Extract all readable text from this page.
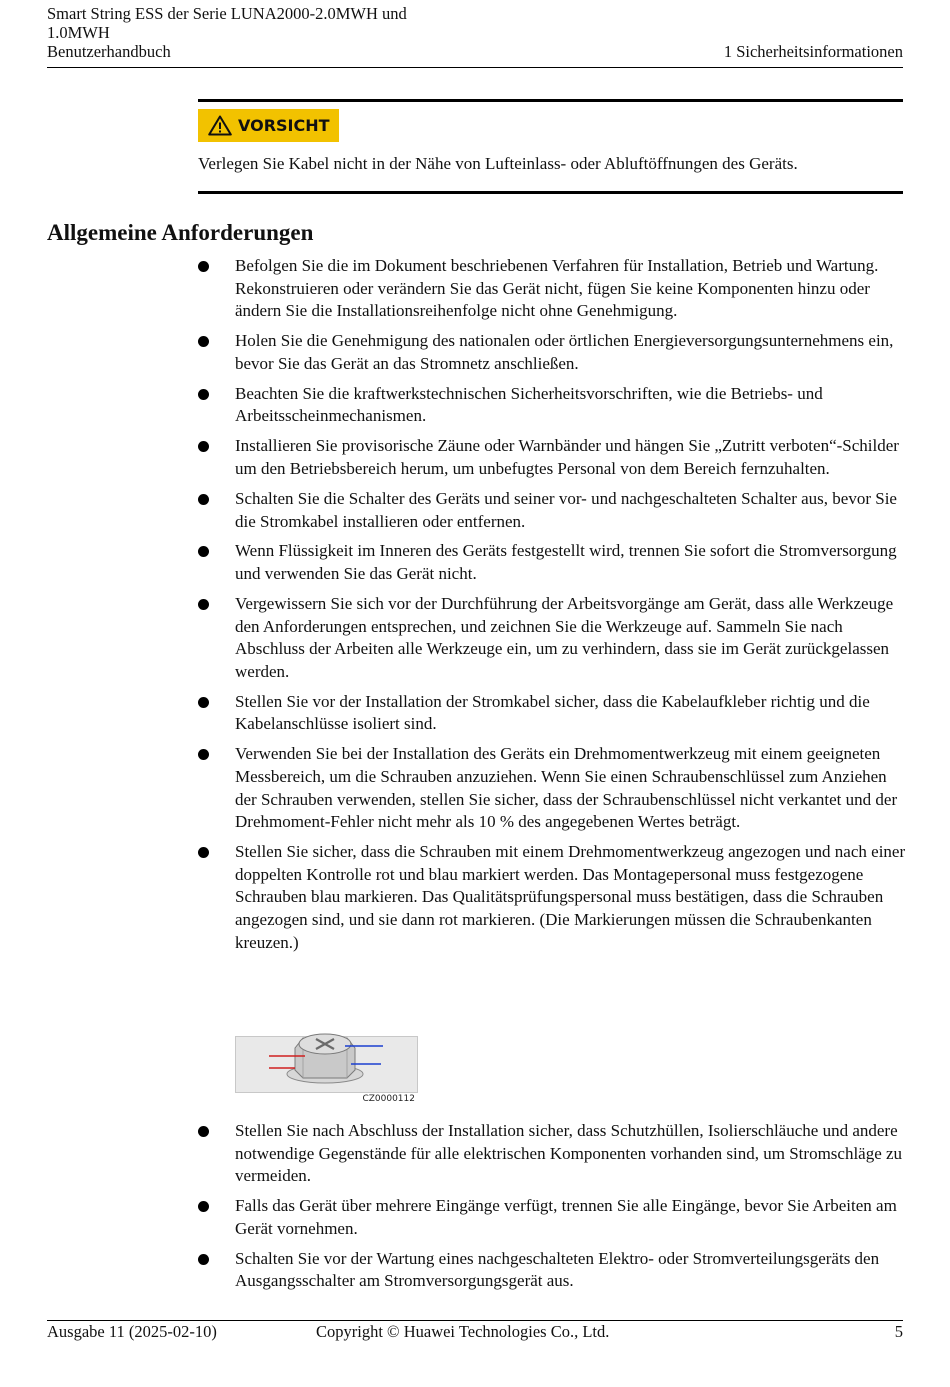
Smart String ESS der Serie LUNA2000-2.0MWH und 1.0MWH
Benutzerhandbuch	1 Sicherheitsinformationen
VORSICHT
Verlegen Sie Kabel nicht in der Nähe von Lufteinlass- oder Abluftöffnungen des Geräts.
Allgemeine Anforderungen
Befolgen Sie die im Dokument beschriebenen Verfahren für Installation, Betrieb und Wartung. Rekonstruieren oder verändern Sie das Gerät nicht, fügen Sie keine Komponenten hinzu oder ändern Sie die Installationsreihenfolge nicht ohne Genehmigung.
Holen Sie die Genehmigung des nationalen oder örtlichen Energieversorgungsunternehmens ein, bevor Sie das Gerät an das Stromnetz anschließen.
Beachten Sie die kraftwerkstechnischen Sicherheitsvorschriften, wie die Betriebs- und Arbeitsscheinmechanismen.
Installieren Sie provisorische Zäune oder Warnbänder und hängen Sie „Zutritt verboten“-Schilder um den Betriebsbereich herum, um unbefugtes Personal von dem Bereich fernzuhalten.
Schalten Sie die Schalter des Geräts und seiner vor- und nachgeschalteten Schalter aus, bevor Sie die Stromkabel installieren oder entfernen.
Wenn Flüssigkeit im Inneren des Geräts festgestellt wird, trennen Sie sofort die Stromversorgung und verwenden Sie das Gerät nicht.
Vergewissern Sie sich vor der Durchführung der Arbeitsvorgänge am Gerät, dass alle Werkzeuge den Anforderungen entsprechen, und zeichnen Sie die Werkzeuge auf. Sammeln Sie nach Abschluss der Arbeiten alle Werkzeuge ein, um zu verhindern, dass sie im Gerät zurückgelassen werden.
Stellen Sie vor der Installation der Stromkabel sicher, dass die Kabelaufkleber richtig und die Kabelanschlüsse isoliert sind.
Verwenden Sie bei der Installation des Geräts ein Drehmomentwerkzeug mit einem geeigneten Messbereich, um die Schrauben anzuziehen. Wenn Sie einen Schraubenschlüssel zum Anziehen der Schrauben verwenden, stellen Sie sicher, dass der Schraubenschlüssel nicht verkantet und der Drehmoment-Fehler nicht mehr als 10 % des angegebenen Wertes beträgt.
Stellen Sie sicher, dass die Schrauben mit einem Drehmomentwerkzeug angezogen und nach einer doppelten Kontrolle rot und blau markiert werden. Das Montagepersonal muss festgezogene Schrauben blau markieren. Das Qualitätsprüfungspersonal muss bestätigen, dass die Schrauben angezogen sind, und sie dann rot markieren. (Die Markierungen müssen die Schraubenkanten kreuzen.)
CZ0000112
Stellen Sie nach Abschluss der Installation sicher, dass Schutzhüllen, Isolierschläuche und andere notwendige Gegenstände für alle elektrischen Komponenten vorhanden sind, um Stromschläge zu vermeiden.
Falls das Gerät über mehrere Eingänge verfügt, trennen Sie alle Eingänge, bevor Sie Arbeiten am Gerät vornehmen.
Schalten Sie vor der Wartung eines nachgeschalteten Elektro- oder Stromverteilungsgeräts den Ausgangsschalter am Stromversorgungsgerät aus.
Ausgabe 11 (2025-02-10)	Copyright © Huawei Technologies Co., Ltd.	5
